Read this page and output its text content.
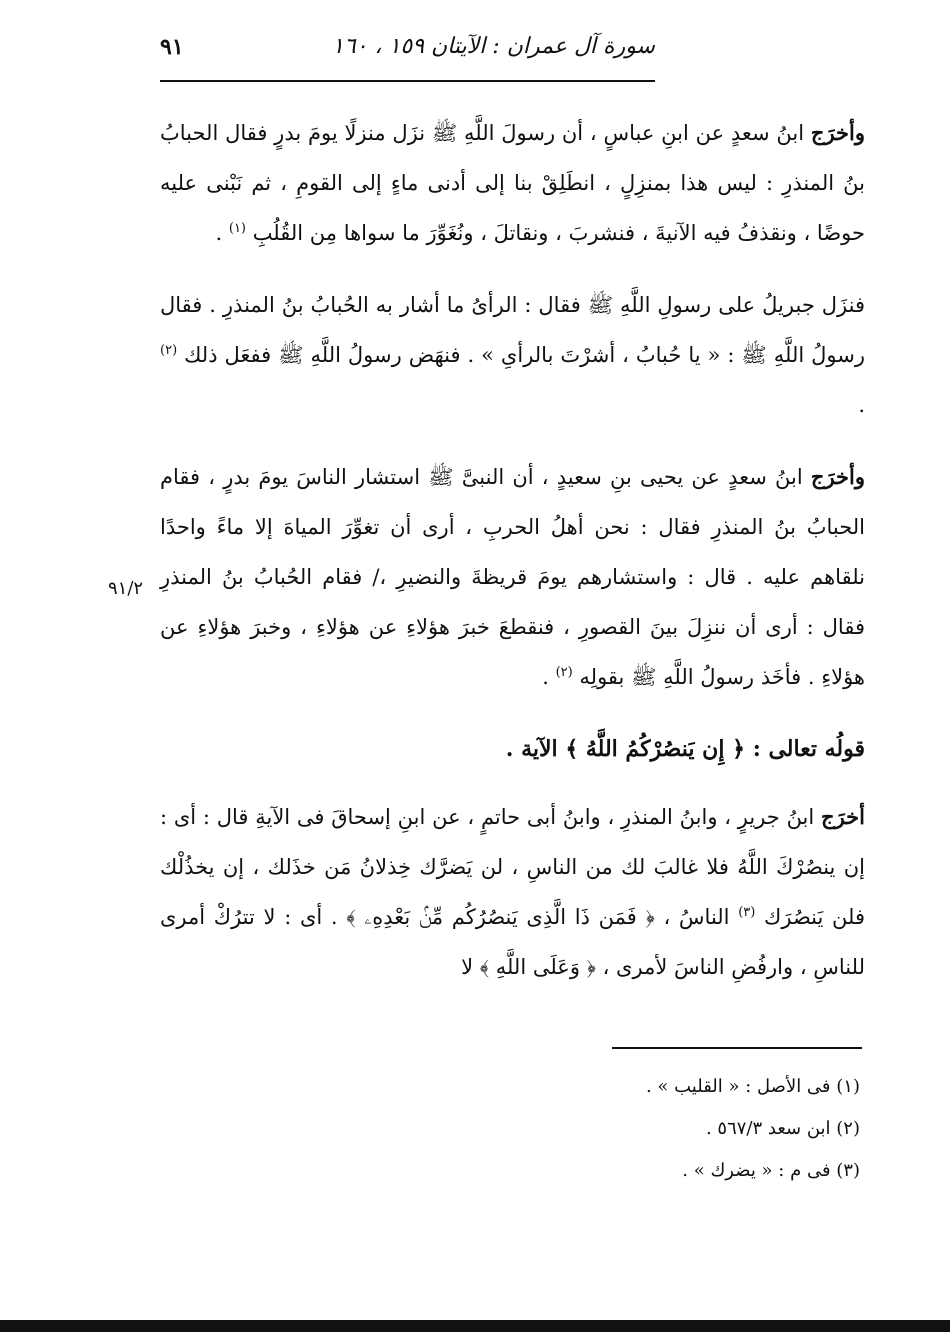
سورة آل عمران : الآيتان ١٥٩ ، ١٦٠
٩١

وأخرَج ابنُ سعدٍ عن ابنِ عباسٍ ، أن رسولَ اللَّهِ ﷺ نزَل منزلًا يومَ بدرٍ فقال الحبابُ بنُ المنذرِ : ليس هذا بمنزِلٍ ، انطَلِقْ بنا إلى أدنى ماءٍ إلى القومِ ، ثم نَبْنى عليه حوضًا ، ونقذفُ فيه الآنيةَ ، فنشربَ ، ونقاتلَ ، ونُغَوِّرَ ما سواها مِن القُلُبِ $^{(١)}$ .

فنزَل جبريلُ على رسولِ اللَّهِ ﷺ فقال : الرأىُ ما أشار به الحُبابُ بنُ المنذرِ . فقال رسولُ اللَّهِ ﷺ : « يا حُبابُ ، أشرْتَ بالرأىِ » . فنهَض رسولُ اللَّهِ ﷺ ففعَل ذلك $^{(٢)}$ .

وأخرَج ابنُ سعدٍ عن يحيى بنِ سعيدٍ ، أن النبىَّ ﷺ استشار الناسَ يومَ بدرٍ ، فقام الحبابُ بنُ المنذرِ فقال : نحن أهلُ الحربِ ، أرى أن تغوِّرَ المياهَ إلا ماءً واحدًا نلقاهم عليه . قال : واستشارهم يومَ قريظةَ والنضيرِ ،/ فقام الحُبابُ بنُ المنذرِ فقال : أرى أن ننزِلَ بينَ القصورِ ، فنقطعَ خبرَ هؤلاءِ عن هؤلاءِ ، وخبرَ هؤلاءِ عن هؤلاءِ . فأخَذ رسولُ اللَّهِ ﷺ بقولِه $^{(٢)}$ .

قولُه تعالى : ﴿ إِن يَنصُرْكُمُ اللَّهُ ﴾ الآية .

أخرَج ابنُ جريرٍ ، وابنُ المنذرِ ، وابنُ أبى حاتمٍ ، عن ابنِ إسحاقَ فى الآيةِ قال : أى : إن ينصُرْكَ اللَّهُ فلا غالبَ لك من الناسِ ، لن يَضرَّك خِذلانُ مَن خذَلك ، إن يخذُلْك فلن يَنصُرَك $^{(٣)}$ الناسُ ، ﴿ فَمَن ذَا الَّذِى يَنصُرُكُم مِّنۢ بَعْدِهِۦ ﴾ . أى : لا تترُكْ أمرى للناسِ ، وارفُضِ الناسَ لأمرى ، ﴿ وَعَلَى اللَّهِ ﴾ لا

٩١/٢

(١) فى الأصل : « القليب » .

(٢) ابن سعد ٥٦٧/٣ .

(٣) فى م : « يضرك » .
